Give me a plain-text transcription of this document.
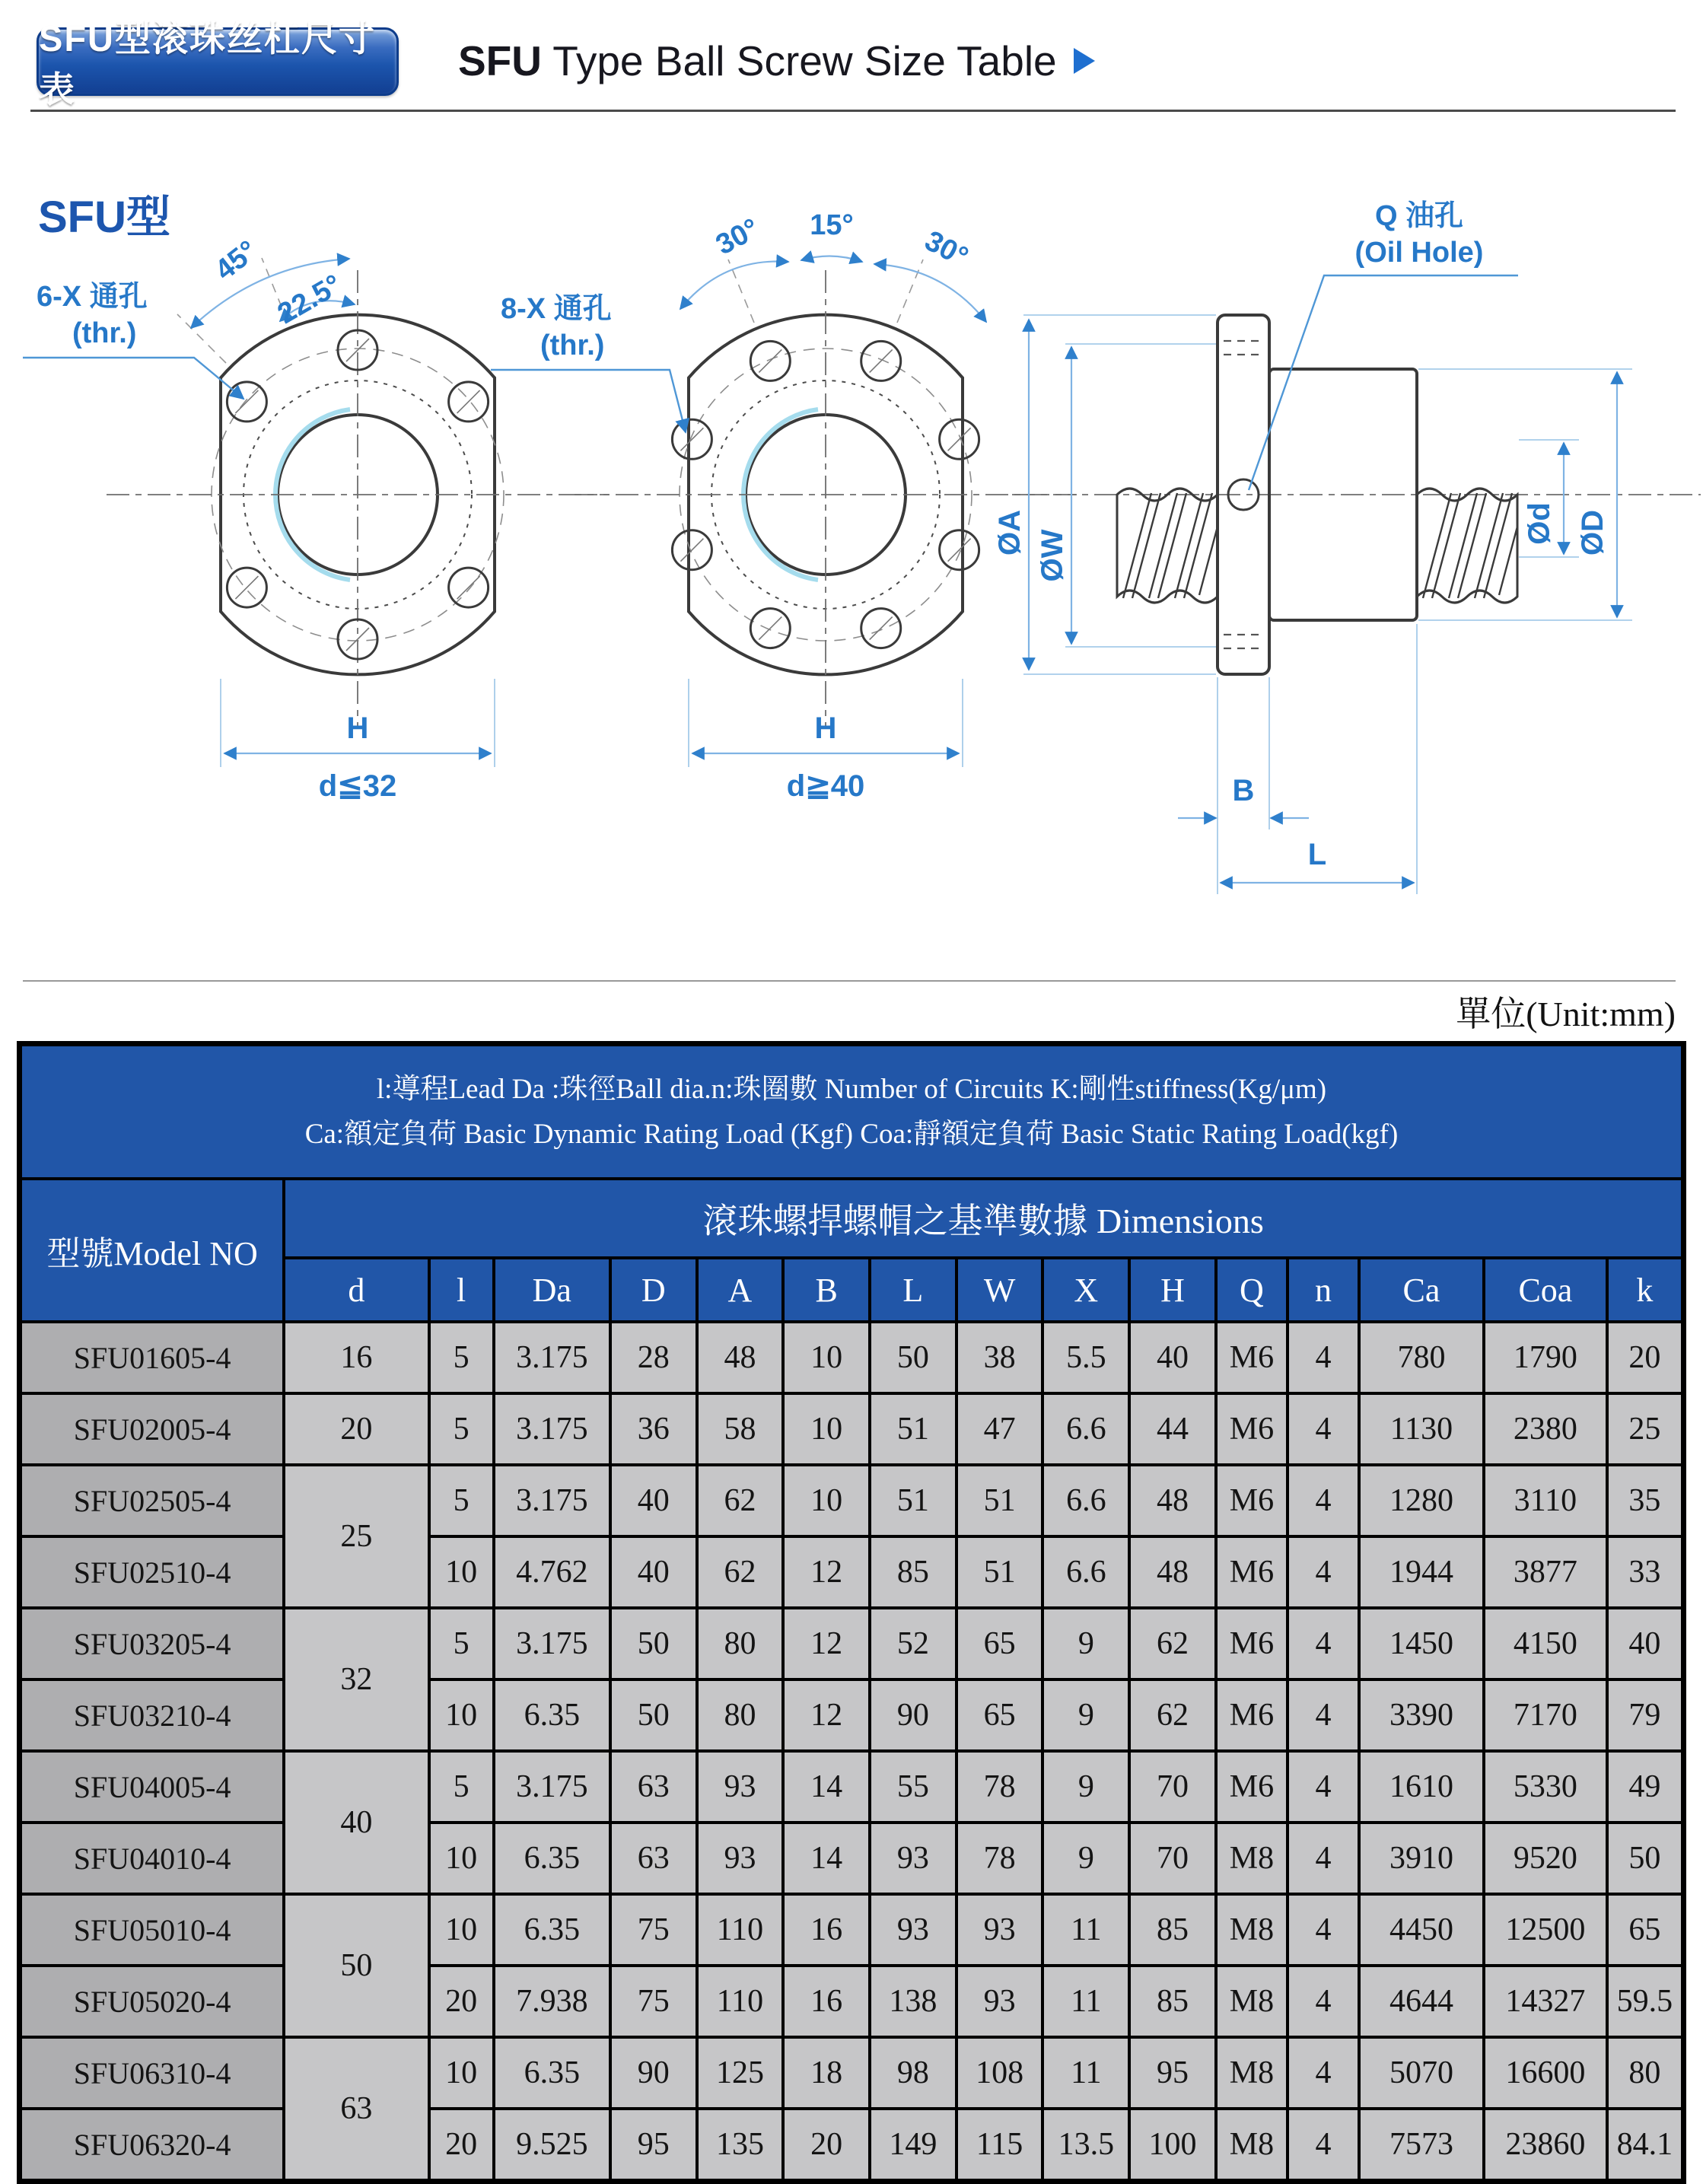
SFU型滚珠丝杠尺寸表
SFU Type Ball Screw Size Table
SFU型
45°
22.5°
6-X 通孔
(thr.)
H
d≦32
30° 15° 30°
8-X 通孔
(thr.)
H
d≧40
Q 油孔
(Oil Hole)
ØA ØW
Ød ØD
B
L
單位(Unit:mm)
l:導程Lead Da :珠徑Ball dia.n:珠圈數 Number of Circuits K:剛性stiffness(Kg/μm)
Ca:額定負荷 Basic Dynamic Rating Load (Kgf) Coa:靜額定負荷 Basic Static Rating Load(kgf)															

型號Model NO	滾珠螺捍螺帽之基準數據 Dimensions														
	d	l	Da	D	A	B	L	W	X	H	Q	n	Ca	Coa	k
SFU01605-4	16	5	3.175	28	48	10	50	38	5.5	40	M6	4	780	1790	20
SFU02005-4	20	5	3.175	36	58	10	51	47	6.6	44	M6	4	1130	2380	25
SFU02505-4	25	5	3.175	40	62	10	51	51	6.6	48	M6	4	1280	3110	35
SFU02510-4		10	4.762	40	62	12	85	51	6.6	48	M6	4	1944	3877	33
SFU03205-4	32	5	3.175	50	80	12	52	65	9	62	M6	4	1450	4150	40
SFU03210-4		10	6.35	50	80	12	90	65	9	62	M6	4	3390	7170	79
SFU04005-4	40	5	3.175	63	93	14	55	78	9	70	M6	4	1610	5330	49
SFU04010-4		10	6.35	63	93	14	93	78	9	70	M8	4	3910	9520	50
SFU05010-4	50	10	6.35	75	110	16	93	93	11	85	M8	4	4450	12500	65
SFU05020-4		20	7.938	75	110	16	138	93	11	85	M8	4	4644	14327	59.5
SFU06310-4	63	10	6.35	90	125	18	98	108	11	95	M8	4	5070	16600	80
SFU06320-4		20	9.525	95	135	20	149	115	13.5	100	M8	4	7573	23860	84.1
